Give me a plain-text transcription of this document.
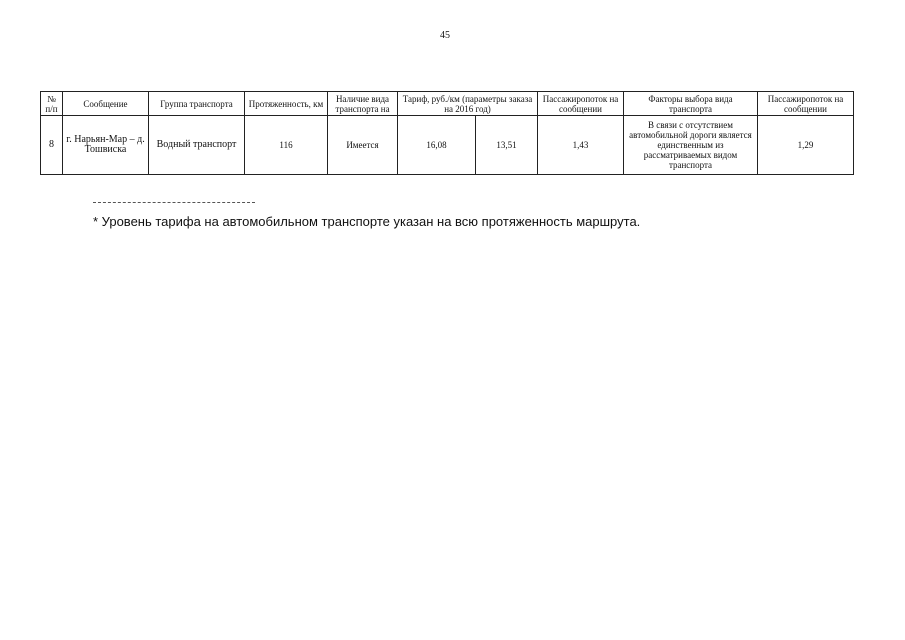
45
№ п/п	Сообщение	Группа транспорта	Протяженность, км	Наличие вида транспорта на	Тариф, руб./км (параметры заказа на 2016 год)		Пассажиропоток на сообщении	Факторы выбора вида транспорта	Пассажиропоток на сообщении
8	г. Нарьян-Мар – д. Тошвиска	Водный транспорт	116	Имеется	16,08	13,51	1,43	В связи с отсутствием автомобильной дороги является единственным из рассматриваемых видом транспорта	1,29
* Уровень тарифа на автомобильном транспорте указан на всю протяженность маршрута.
